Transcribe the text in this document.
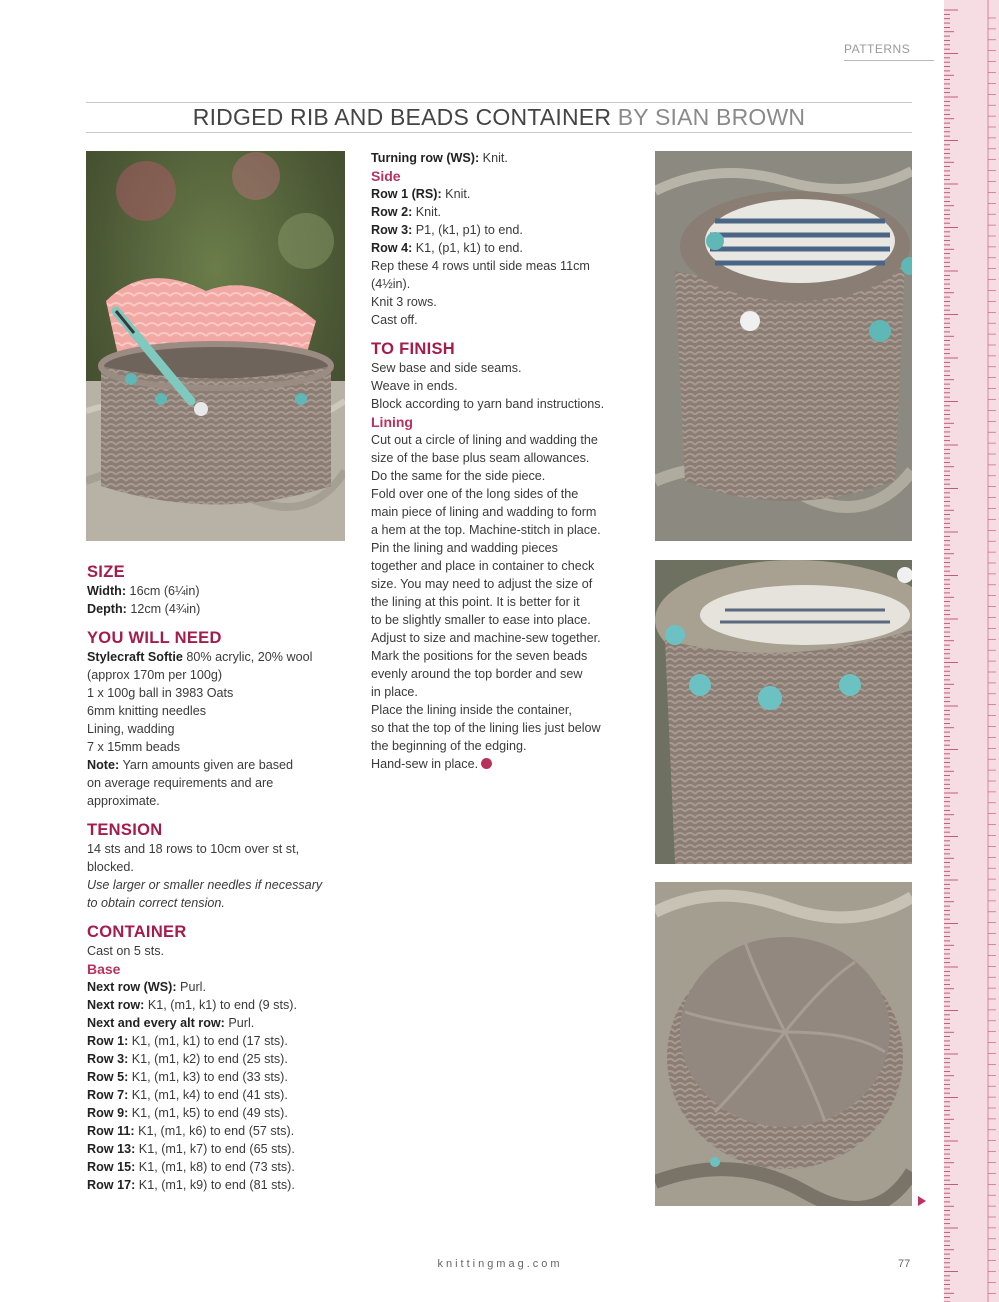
PATTERNS
RIDGED RIB AND BEADS CONTAINER BY SIAN BROWN
SIZE

Width: 16cm (6¼in)

Depth: 12cm (4¾in)

YOU WILL NEED

Stylecraft Softie 80% acrylic, 20% wool

(approx 170m per 100g)

1 x 100g ball in 3983 Oats

6mm knitting needles

Lining, wadding

7 x 15mm beads

Note: Yarn amounts given are based

on average requirements and are

approximate.

TENSION

14 sts and 18 rows to 10cm over st st,

blocked.

Use larger or smaller needles if necessary

to obtain correct tension.

CONTAINER

Cast on 5 sts.

Base

Next row (WS): Purl.

Next row: K1, (m1, k1) to end (9 sts).

Next and every alt row: Purl.

Row 1: K1, (m1, k1) to end (17 sts).

Row 3: K1, (m1, k2) to end (25 sts).

Row 5: K1, (m1, k3) to end (33 sts).

Row 7: K1, (m1, k4) to end (41 sts).

Row 9: K1, (m1, k5) to end (49 sts).

Row 11: K1, (m1, k6) to end (57 sts).

Row 13: K1, (m1, k7) to end (65 sts).

Row 15: K1, (m1, k8) to end (73 sts).

Row 17: K1, (m1, k9) to end (81 sts).

Turning row (WS): Knit.

Side

Row 1 (RS): Knit.

Row 2: Knit.

Row 3: P1, (k1, p1) to end.

Row 4: K1, (p1, k1) to end.

Rep these 4 rows until side meas 11cm

(4½in).

Knit 3 rows.

Cast off.

TO FINISH

Sew base and side seams.

Weave in ends.

Block according to yarn band instructions.

Lining

Cut out a circle of lining and wadding the

size of the base plus seam allowances.

Do the same for the side piece.

Fold over one of the long sides of the

main piece of lining and wadding to form

a hem at the top. Machine-stitch in place.

Pin the lining and wadding pieces

together and place in container to check

size. You may need to adjust the size of

the lining at this point. It is better for it

to be slightly smaller to ease into place.

Adjust to size and machine-sew together.

Mark the positions for the seven beads

evenly around the top border and sew

in place.

Place the lining inside the container,

so that the top of the lining lies just below

the beginning of the edging.

Hand-sew in place.

knittingmag.com	77
